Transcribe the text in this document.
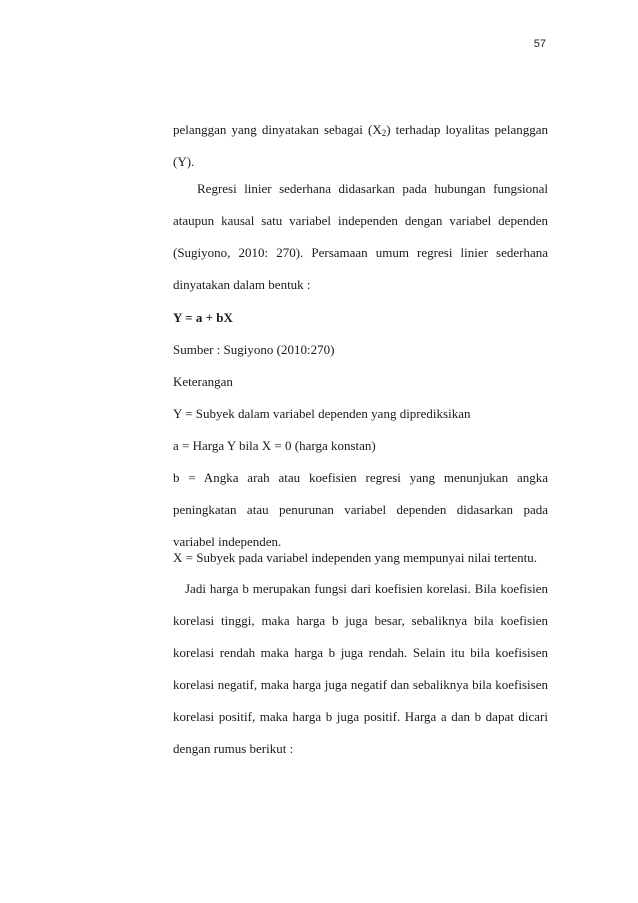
57

pelanggan yang dinyatakan sebagai $(X_2)$ terhadap loyalitas pelanggan (Y).

Regresi linier sederhana didasarkan pada hubungan fungsional ataupun kausal satu variabel independen dengan variabel dependen (Sugiyono, 2010: 270). Persamaan umum regresi linier sederhana dinyatakan dalam bentuk :

Y = a + bX

Sumber : Sugiyono (2010:270)

Keterangan

Y = Subyek dalam variabel dependen yang diprediksikan

a = Harga Y bila X = 0 (harga konstan)

b = Angka arah atau koefisien regresi yang menunjukan angka peningkatan atau penurunan variabel dependen didasarkan pada variabel independen.

X = Subyek pada variabel independen yang mempunyai nilai tertentu.

Jadi harga b merupakan fungsi dari koefisien korelasi. Bila koefisien korelasi tinggi, maka harga b juga besar, sebaliknya bila koefisien korelasi rendah maka harga b juga rendah. Selain itu bila koefisisen korelasi negatif, maka harga juga negatif dan sebaliknya bila koefisisen korelasi positif, maka harga b juga positif. Harga a dan b dapat dicari dengan rumus berikut :
